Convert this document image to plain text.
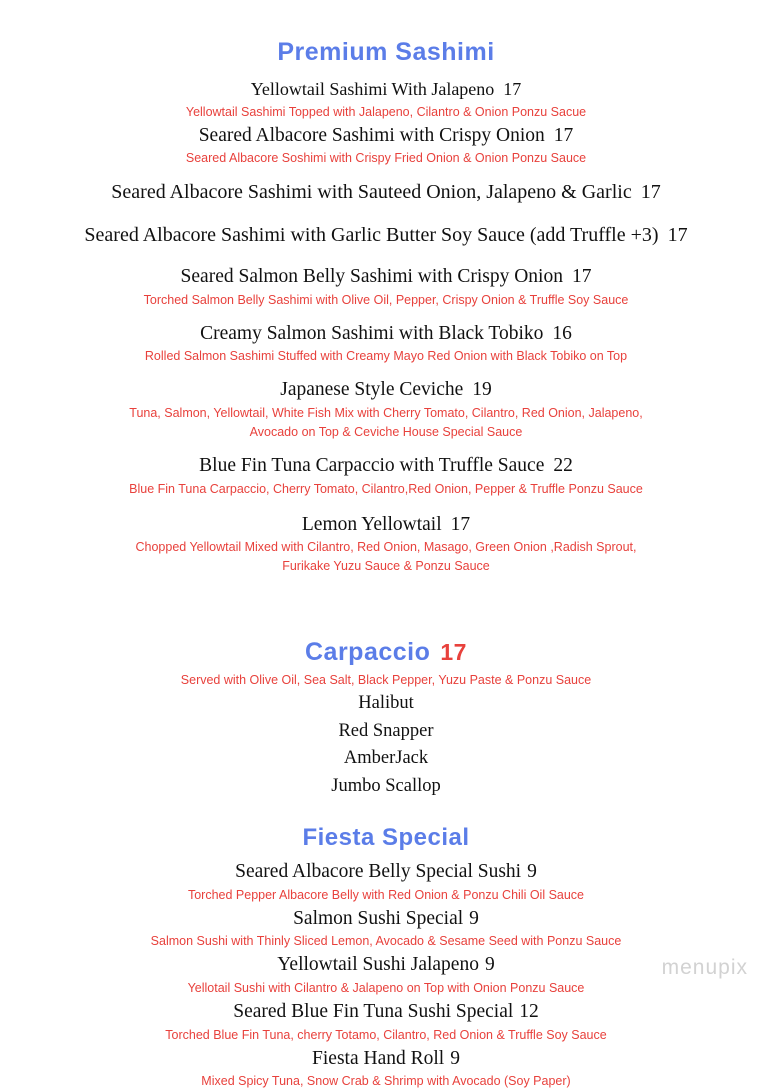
Premium Sashimi
Yellowtail Sashimi With Jalapeno 17
Yellowtail Sashimi Topped with Jalapeno, Cilantro & Onion Ponzu Sacue
Seared Albacore Sashimi with Crispy Onion 17
Seared Albacore Soshimi with Crispy Fried Onion & Onion Ponzu Sauce
Seared Albacore Sashimi with Sauteed Onion, Jalapeno & Garlic 17
Seared Albacore Sashimi with Garlic Butter Soy Sauce (add Truffle +3) 17
Seared Salmon Belly Sashimi with Crispy Onion 17
Torched Salmon Belly Sashimi with Olive Oil, Pepper, Crispy Onion & Truffle Soy Sauce
Creamy Salmon Sashimi with Black Tobiko 16
Rolled Salmon Sashimi Stuffed with Creamy Mayo Red Onion with Black Tobiko on Top
Japanese Style Ceviche 19
Tuna, Salmon, Yellowtail, White Fish Mix with Cherry Tomato, Cilantro, Red Onion, Jalapeno, Avocado on Top & Ceviche House Special Sauce
Blue Fin Tuna Carpaccio with Truffle Sauce 22
Blue Fin Tuna Carpaccio, Cherry Tomato, Cilantro,Red Onion, Pepper & Truffle Ponzu Sauce
Lemon Yellowtail 17
Chopped Yellowtail Mixed with Cilantro, Red Onion, Masago, Green Onion ,Radish Sprout, Furikake Yuzu Sauce & Ponzu Sauce
Carpaccio 17
Served with Olive Oil, Sea Salt, Black Pepper, Yuzu Paste & Ponzu Sauce
Halibut
Red Snapper
AmberJack
Jumbo Scallop
Fiesta Special
Seared Albacore Belly Special Sushi 9
Torched Pepper Albacore Belly with Red Onion & Ponzu Chili Oil Sauce
Salmon Sushi Special 9
Salmon Sushi with Thinly Sliced Lemon, Avocado & Sesame Seed with Ponzu Sauce
Yellowtail Sushi Jalapeno 9
Yellotail Sushi with Cilantro & Jalapeno on Top with Onion Ponzu Sauce
Seared Blue Fin Tuna Sushi Special 12
Torched Blue Fin Tuna, cherry Totamo, Cilantro, Red Onion & Truffle Soy Sauce
Fiesta Hand Roll 9
Mixed Spicy Tuna, Snow Crab & Shrimp with Avocado (Soy Paper)
menupix
